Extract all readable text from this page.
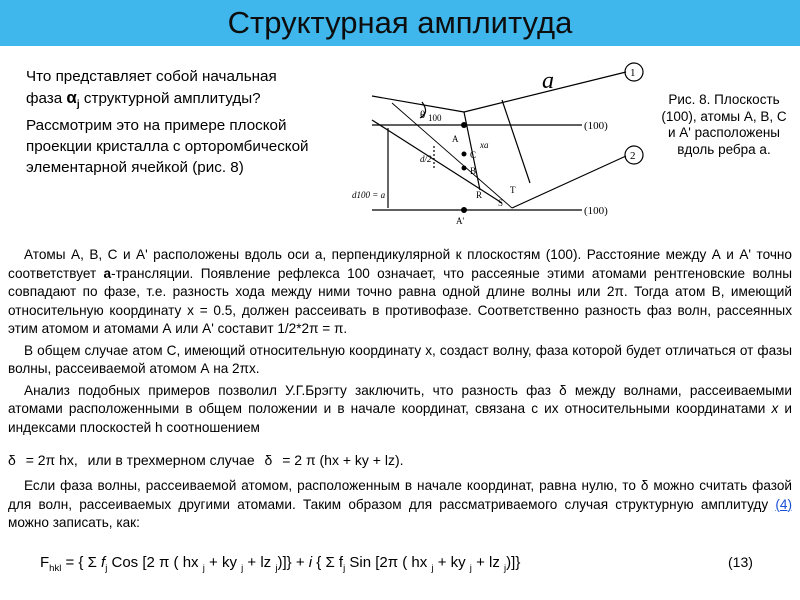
Структурная амплитуда
Что представляет собой начальная
фаза $\alpha_j$ структурной амплитуды? Рассмотрим это на примере плоской проекции кристалла с орторомбической элементарной ячейкой (рис. 8)
a	1
2
(100)
(100)
θ 100
A
C
B
A'
xa
d/2
d100 = a	R
S
T
Рис. 8. Плоскость (100), атомы А, В, С и А' расположены вдоль ребра а.

Атомы А, В, С и А' расположены вдоль оси а, перпендикулярной к плоскостям (100). Расстояние между А и А' точно соответствует а-трансляции. Появление рефлекса 100 означает, что рассеяные этими атомами рентгеновские волны совпадают по фазе, т.е. разность хода между ними точно равна одной длине волны или 2π. Тогда атом В, имеющий относительную координату х = 0.5, должен рассеивать в противофазе. Соответственно разность фаз волн, рассеянных этим атомом и атомами А или А' составит 1/2*2π = π.

В общем случае атом С, имеющий относительную координату х, создаст волну, фаза которой будет отличаться от фазы волны, рассеиваемой атомом А на 2πх.

Анализ подобных примеров позволил У.Г.Брэгту заключить, что разность фаз δ между волнами, рассеиваемыми атомами расположенными в общем положении и в начале координат, связана с их относительными координатами x и индексами плоскостей h соотношением

δ = 2π hx, или в трехмерном случае δ = 2 π (hx + ky + lz).
Если фаза волны, рассеиваемой атомом, расположенным в начале координат, равна нулю, то δ можно считать фазой для волн, рассеиваемых другими атомами. Таким образом для рассматриваемого случая структурную амплитуду (4) можно записать, как:
$F_{hkl}$ = { Σ $f_j$ Cos [2 π ( hx $_j$ + ky $_j$ + lz $_j$)]} + i { Σ $f_j$ Sin [2π ( hx $_j$ + ky $_j$ + lz $_j$)]}	(13)
